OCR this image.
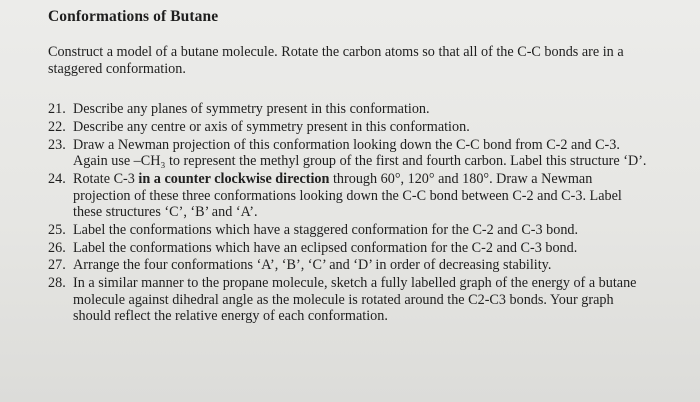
Conformations of Butane
Construct a model of a butane molecule. Rotate the carbon atoms so that all of the C-C bonds are in a staggered conformation.
21. Describe any planes of symmetry present in this conformation.
22. Describe any centre or axis of symmetry present in this conformation.
23. Draw a Newman projection of this conformation looking down the C-C bond from C-2 and C-3. Again use –CH₃ to represent the methyl group of the first and fourth carbon. Label this structure ‘D’.
24. Rotate C-3 in a counter clockwise direction through 60°, 120° and 180°. Draw a Newman projection of these three conformations looking down the C-C bond between C-2 and C-3. Label these structures ‘C’, ‘B’ and ‘A’.
25. Label the conformations which have a staggered conformation for the C-2 and C-3 bond.
26. Label the conformations which have an eclipsed conformation for the C-2 and C-3 bond.
27. Arrange the four conformations ‘A’, ‘B’, ‘C’ and ‘D’ in order of decreasing stability.
28. In a similar manner to the propane molecule, sketch a fully labelled graph of the energy of a butane molecule against dihedral angle as the molecule is rotated around the C2-C3 bonds. Your graph should reflect the relative energy of each conformation.
